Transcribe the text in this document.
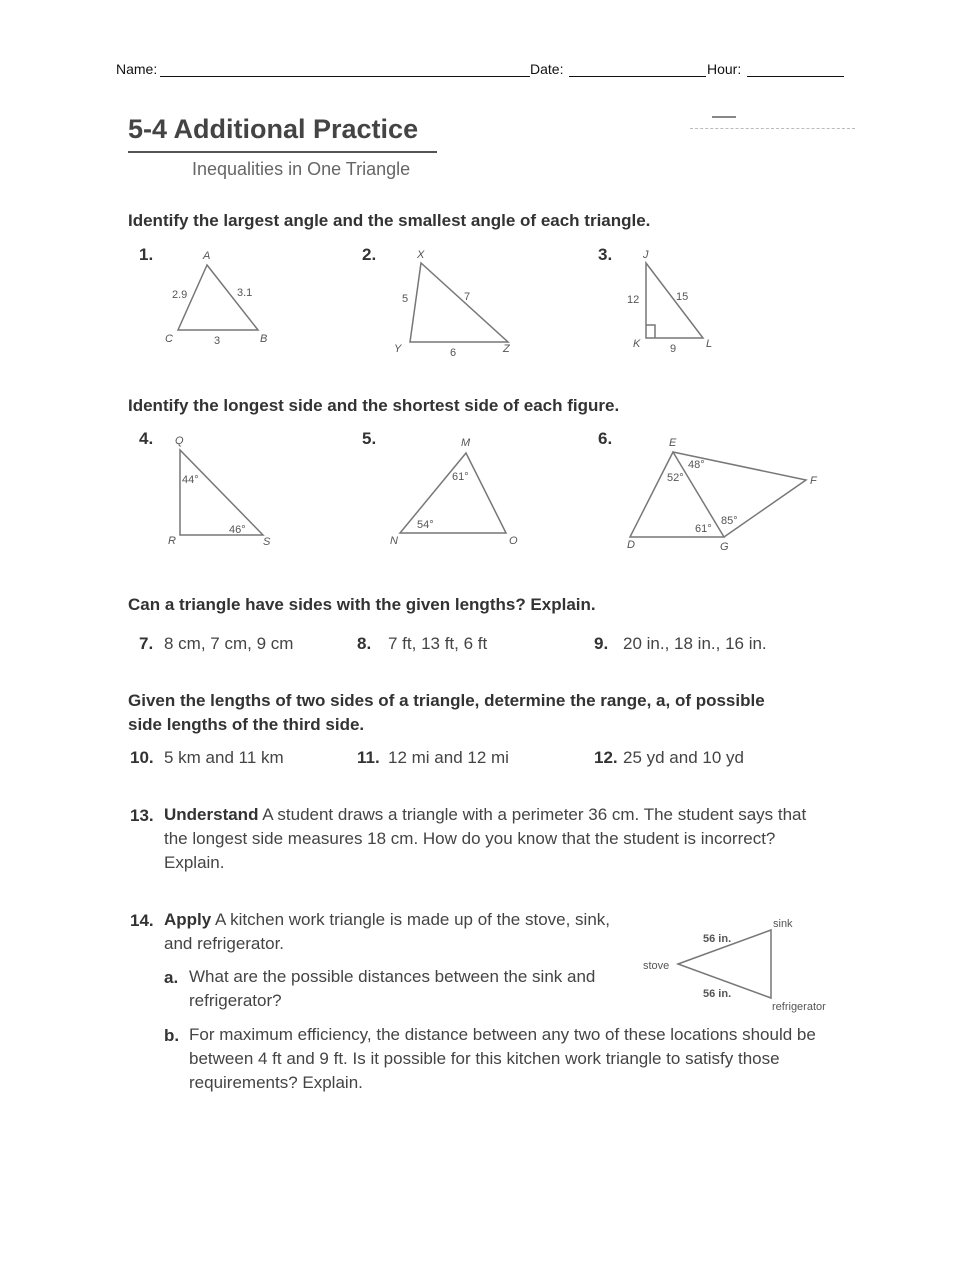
Name:	Date:	Hour:
5-4 Additional Practice
Inequalities in One Triangle
Identify the largest angle and the smallest angle of each triangle.
1.	2.	3.
Identify the longest side and the shortest side of each figure.
4.	5.	6.
A
C	B
2.9	3.1
3
X
Y	Z
5	7
6
J
K	L
12	15
9
Q
R	S
44°
46°
M
N	O
61°
54°
E
D	G
F
48°
52°
61°
85°
stove
sink
refrigerator
56 in.
56 in.
Can a triangle have sides with the given lengths? Explain.
7. 8 cm, 7 cm, 9 cm	8. 7 ft, 13 ft, 6 ft	9. 20 in., 18 in., 16 in.
Given the lengths of two sides of a triangle, determine the range, a, of possible
side lengths of the third side.
10. 5 km and 11 km	11. 12 mi and 12 mi	12. 25 yd and 10 yd
13. Understand A student draws a triangle with a perimeter 36 cm. The student says that the longest side measures 18 cm. How do you know that the student is incorrect? Explain.
14. Apply A kitchen work triangle is made up of the stove, sink, and refrigerator.
a. What are the possible distances between the sink and refrigerator?
b. For maximum efficiency, the distance between any two of these locations should be between 4 ft and 9 ft. Is it possible for this kitchen work triangle to satisfy those requirements? Explain.
